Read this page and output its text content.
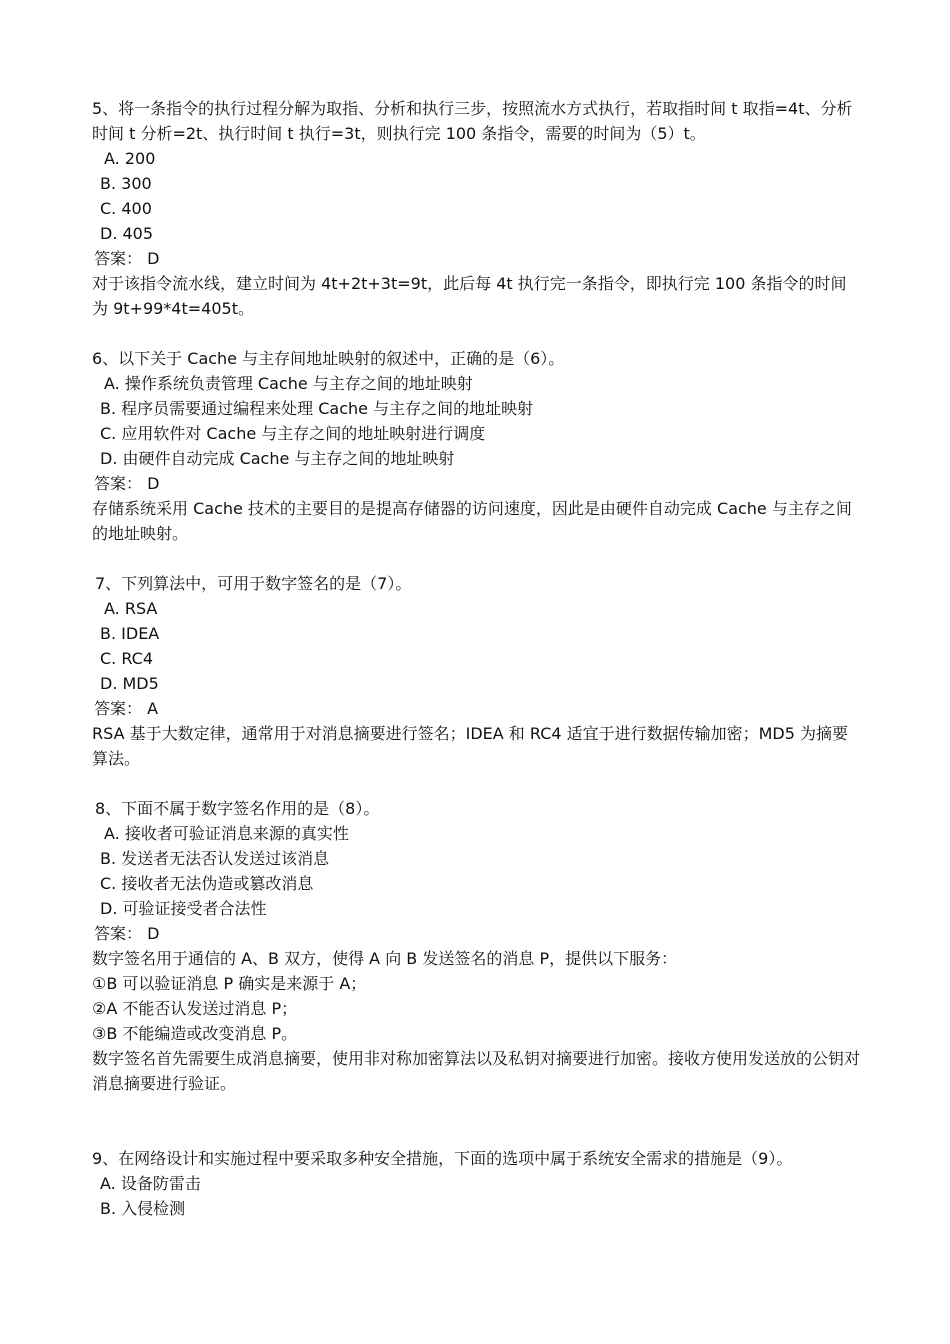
5、将一条指令的执行过程分解为取指、分析和执行三步，按照流水方式执行，若取指时间 t 取指=4t、分析时间 t 分析=2t、执行时间 t 执行=3t，则执行完 100 条指令，需要的时间为（5）t。
A. 200
B. 300
C. 400
D. 405
答案： D
对于该指令流水线，建立时间为 4t+2t+3t=9t，此后每 4t 执行完一条指令，即执行完 100 条指令的时间为 9t+99*4t=405t。
6、以下关于 Cache 与主存间地址映射的叙述中，正确的是（6）。
A. 操作系统负责管理 Cache 与主存之间的地址映射
B. 程序员需要通过编程来处理 Cache 与主存之间的地址映射
C. 应用软件对 Cache 与主存之间的地址映射进行调度
D. 由硬件自动完成 Cache 与主存之间的地址映射
答案： D
存储系统采用 Cache 技术的主要目的是提高存储器的访问速度，因此是由硬件自动完成 Cache 与主存之间的地址映射。
7、下列算法中，可用于数字签名的是（7）。
A. RSA
B. IDEA
C. RC4
D. MD5
答案： A
RSA 基于大数定律，通常用于对消息摘要进行签名；IDEA 和 RC4 适宜于进行数据传输加密；MD5 为摘要算法。
8、下面不属于数字签名作用的是（8）。
A. 接收者可验证消息来源的真实性
B. 发送者无法否认发送过该消息
C. 接收者无法伪造或篡改消息
D. 可验证接受者合法性
答案： D
数字签名用于通信的 A、B 双方，使得 A 向 B 发送签名的消息 P，提供以下服务：
①B 可以验证消息 P 确实是来源于 A；
②A 不能否认发送过消息 P；
③B 不能编造或改变消息 P。
数字签名首先需要生成消息摘要，使用非对称加密算法以及私钥对摘要进行加密。接收方使用发送放的公钥对消息摘要进行验证。
9、在网络设计和实施过程中要采取多种安全措施，下面的选项中属于系统安全需求的措施是（9）。
A. 设备防雷击
B. 入侵检测
